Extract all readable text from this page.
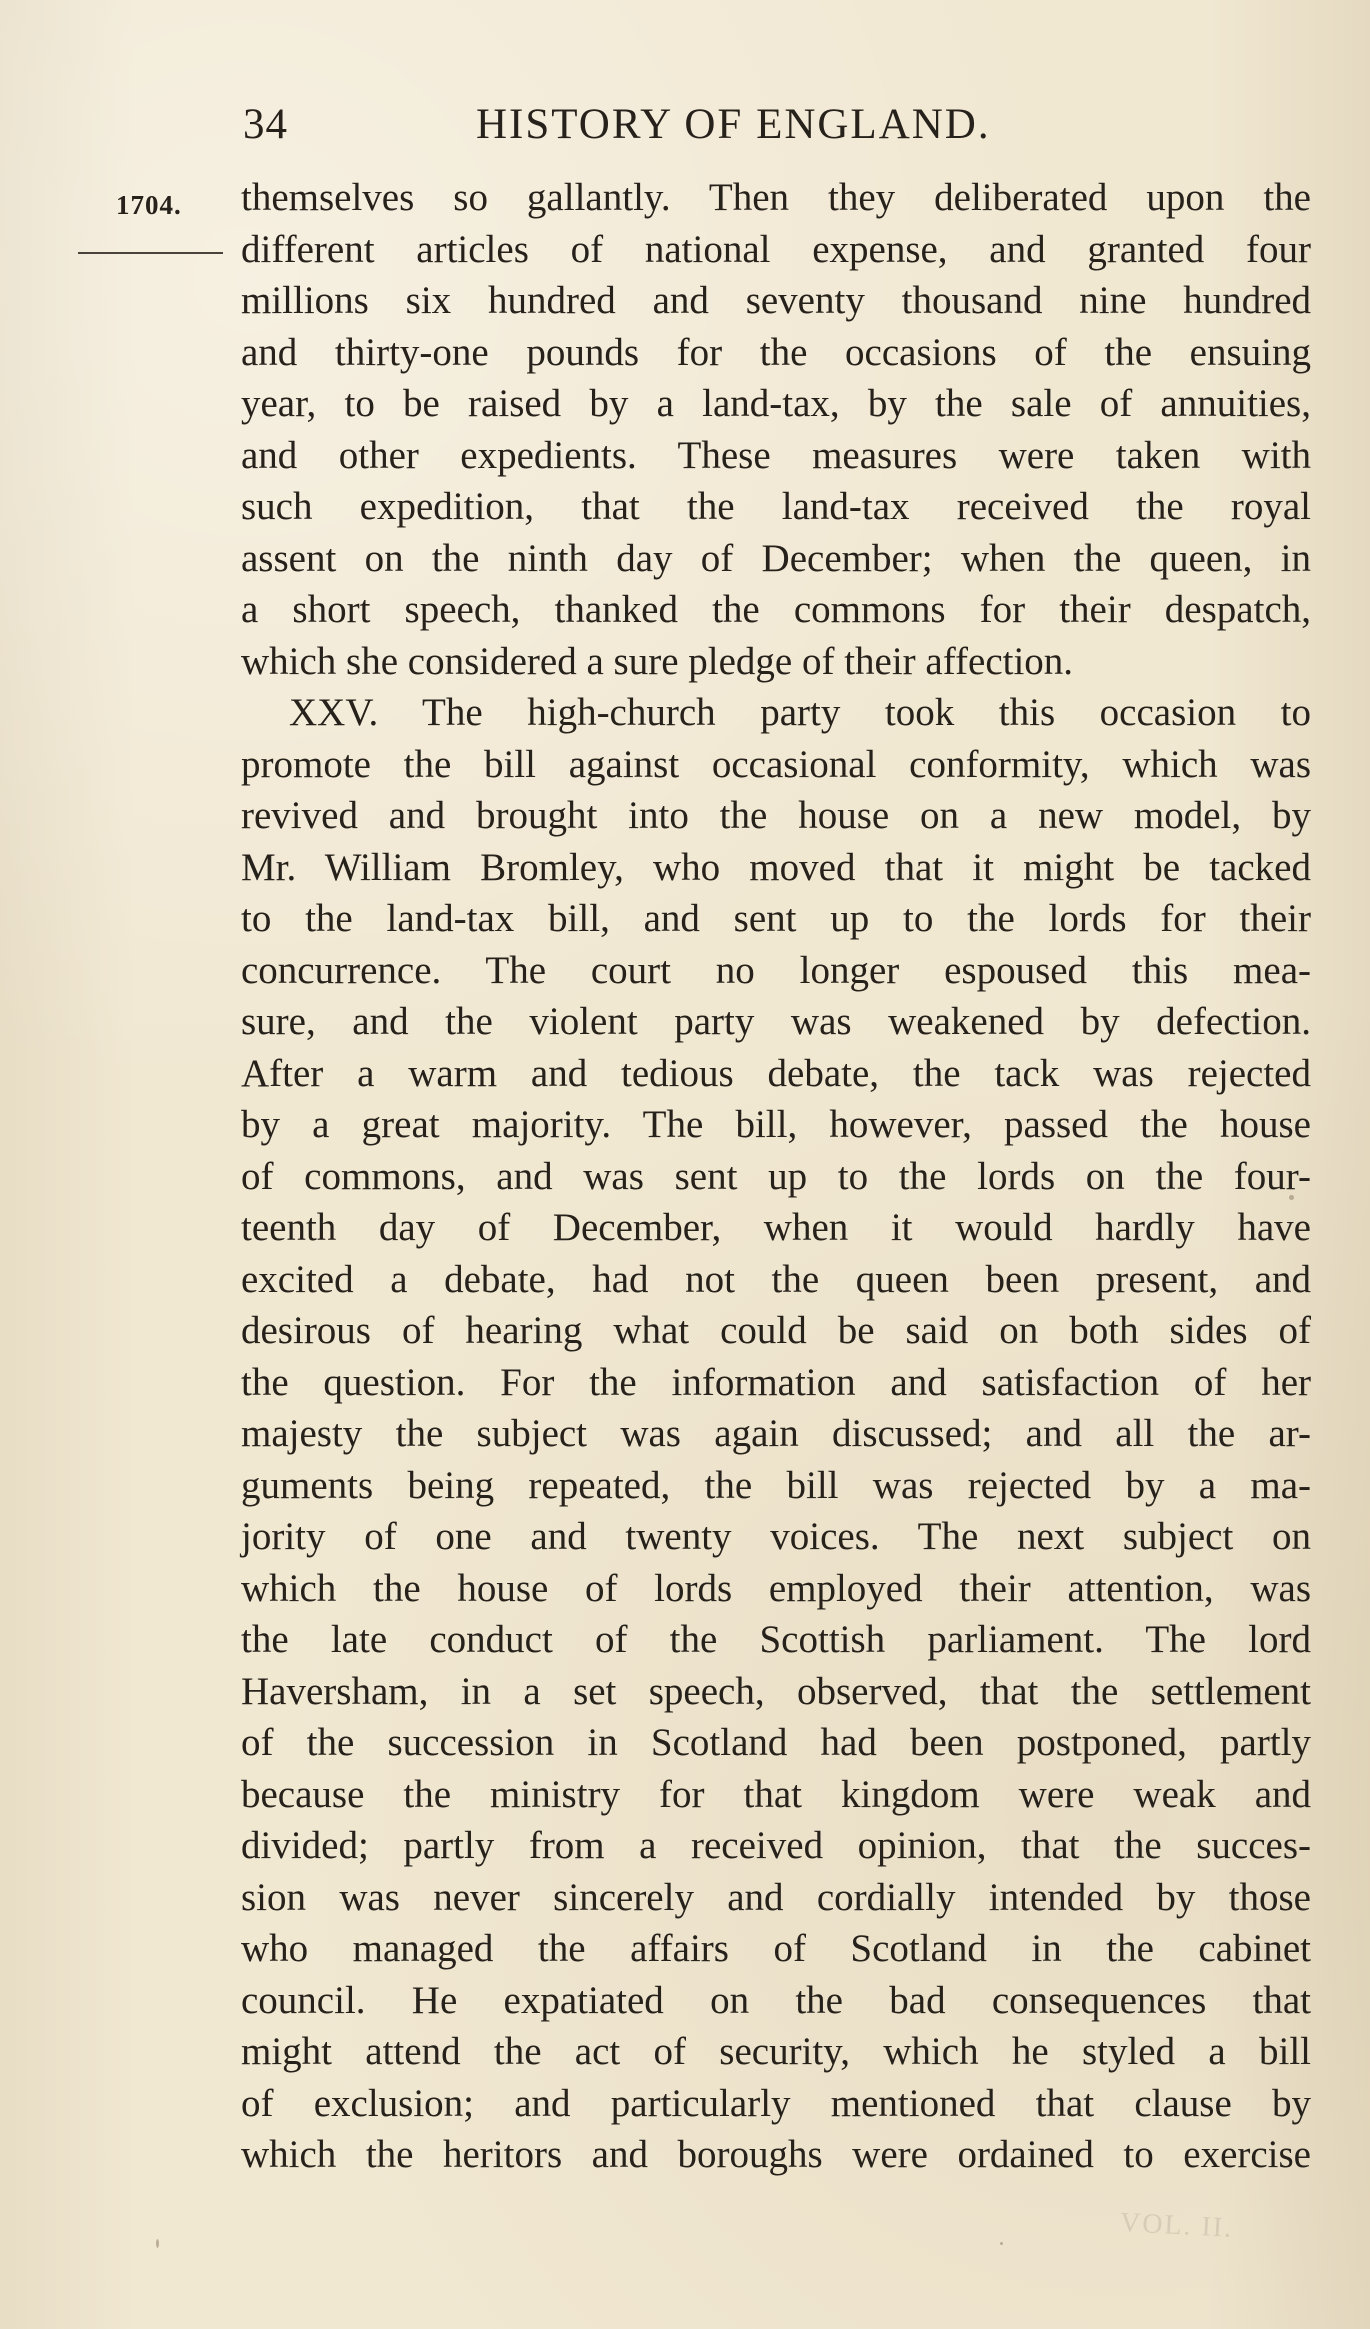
34	HISTORY OF ENGLAND.
1704. themselves so gallantly. Then they deliberated upon the
different articles of national expense, and granted four
millions six hundred and seventy thousand nine hundred
and thirty-one pounds for the occasions of the ensuing
year, to be raised by a land-tax, by the sale of annuities,
and other expedients. These measures were taken with
such expedition, that the land-tax received the royal
assent on the ninth day of December; when the queen, in
a short speech, thanked the commons for their despatch,
which she considered a sure pledge of their affection.
XXV. The high-church party took this occasion to
promote the bill against occasional conformity, which was
revived and brought into the house on a new model, by
Mr. William Bromley, who moved that it might be tacked
to the land-tax bill, and sent up to the lords for their
concurrence. The court no longer espoused this mea-
sure, and the violent party was weakened by defection.
After a warm and tedious debate, the tack was rejected
by a great majority. The bill, however, passed the house
of commons, and was sent up to the lords on the four-
teenth day of December, when it would hardly have
excited a debate, had not the queen been present, and
desirous of hearing what could be said on both sides of
the question. For the information and satisfaction of her
majesty the subject was again discussed; and all the ar-
guments being repeated, the bill was rejected by a ma-
jority of one and twenty voices. The next subject on
which the house of lords employed their attention, was
the late conduct of the Scottish parliament. The lord
Haversham, in a set speech, observed, that the settlement
of the succession in Scotland had been postponed, partly
because the ministry for that kingdom were weak and
divided; partly from a received opinion, that the succes-
sion was never sincerely and cordially intended by those
who managed the affairs of Scotland in the cabinet
council. He expatiated on the bad consequences that
might attend the act of security, which he styled a bill
of exclusion; and particularly mentioned that clause by
which the heritors and boroughs were ordained to exercise
VOL. II.
